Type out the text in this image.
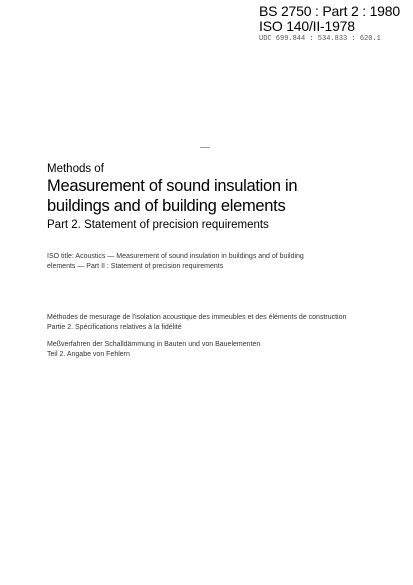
BS 2750 : Part 2 : 1980
ISO 140/II-1978
UDC 699.844 : 534.833 : 620.1
Methods of
Measurement of sound insulation in
buildings and of building elements
Part 2. Statement of precision requirements
ISO title: Acoustics — Measurement of sound insulation in buildings and of building
elements — Part II : Statement of precision requirements
Méthodes de mesurage de l'isolation acoustique des immeubles et des éléments de construction
Partie 2. Spécifications relatives à la fidélité
Meßverfahren der Schalldämmung in Bauten und von Bauelementen
Teil 2. Angabe von Fehlern
